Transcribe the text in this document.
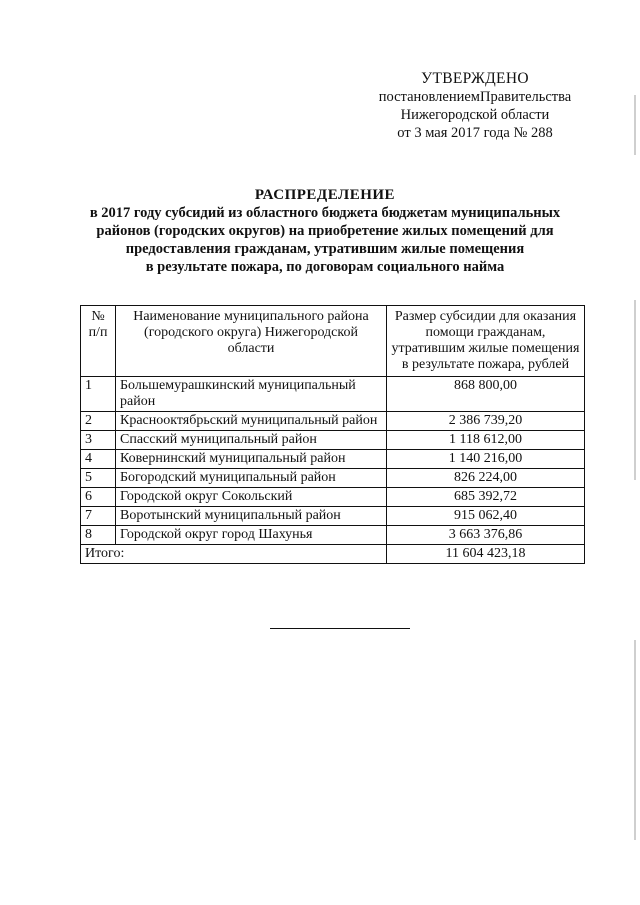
УТВЕРЖДЕНО
постановлениемПравительства
Нижегородской области
от 3 мая 2017 года № 288
РАСПРЕДЕЛЕНИЕ
в 2017 году субсидий из областного бюджета бюджетам муниципальных
районов (городских округов) на приобретение жилых помещений для
предоставления гражданам, утратившим жилые помещения
в результате пожара, по договорам социального найма
№ п/п	Наименование муниципального района (городского округа) Нижегородской области	Размер субсидии для оказания помощи гражданам, утратившим жилые помещения в результате пожара, рублей
1	Большемурашкинский муниципальный район	868 800,00
2	Краснооктябрьский муниципальный район	2 386 739,20
3	Спасский муниципальный район	1 118 612,00
4	Ковернинский муниципальный район	1 140 216,00
5	Богородский муниципальный район	826 224,00
6	Городской округ Сокольский	685 392,72
7	Воротынский муниципальный район	915 062,40
8	Городской округ город Шахунья	3 663 376,86
Итого:		11 604 423,18
